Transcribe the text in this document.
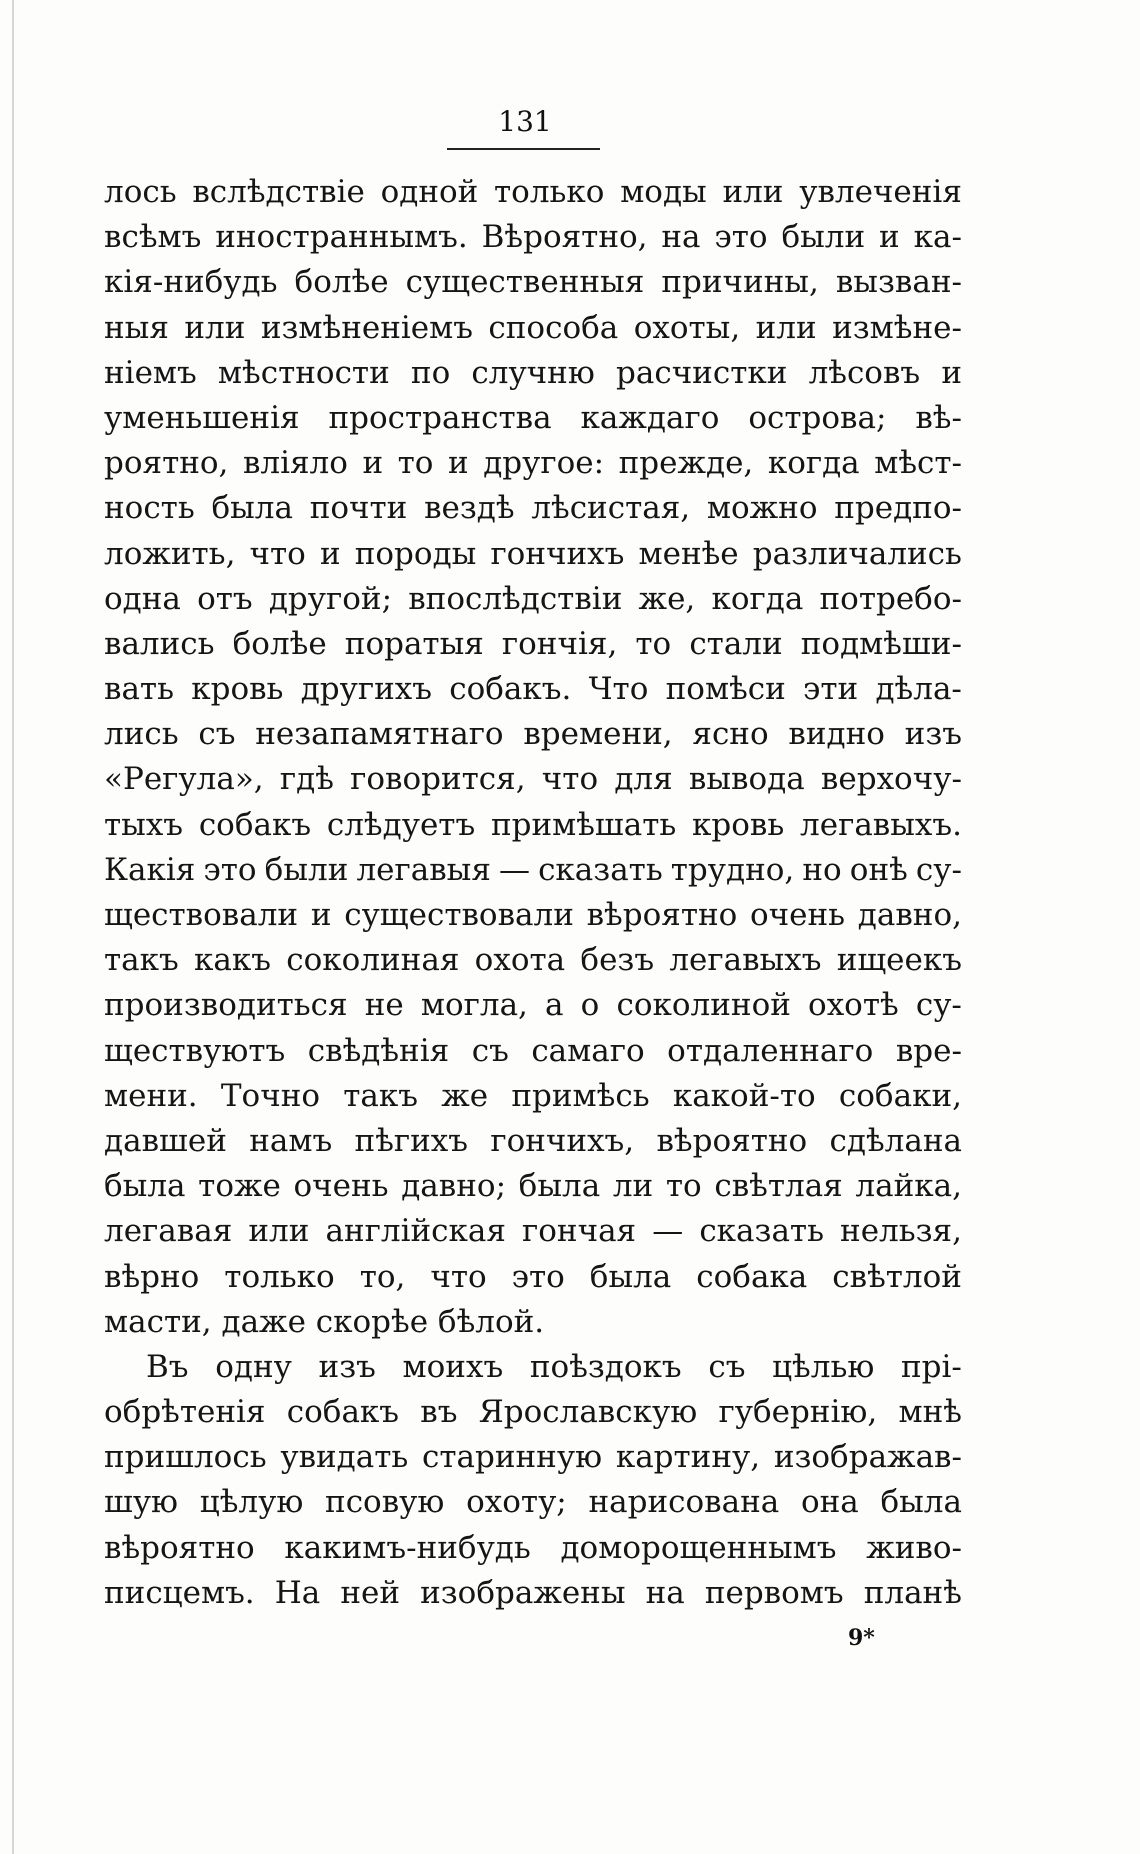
131
лось вслѣдствіе одной только моды или увлеченія
всѣмъ иностраннымъ. Вѣроятно, на это были и ка-
кія-нибудь болѣе существенныя причины, вызван-
ныя или измѣненіемъ способа охоты, или измѣне-
ніемъ мѣстности по случню расчистки лѣсовъ и
уменьшенія пространства каждаго острова; вѣ-
роятно, вліяло и то и другое: прежде, когда мѣст-
ность была почти вездѣ лѣсистая, можно предпо-
ложить, что и породы гончихъ менѣе различались
одна отъ другой; впослѣдствіи же, когда потребо-
вались болѣе поратыя гончія, то стали подмѣши-
вать кровь другихъ собакъ. Что помѣси эти дѣла-
лись съ незапамятнаго времени, ясно видно изъ
«Регула», гдѣ говорится, что для вывода верхочу-
тыхъ собакъ слѣдуетъ примѣшать кровь легавыхъ.
Какія это были легавыя — сказать трудно, но онѣ су-
ществовали и существовали вѣроятно очень давно,
такъ какъ соколиная охота безъ легавыхъ ищеекъ
производиться не могла, а о соколиной охотѣ су-
ществуютъ свѣдѣнія съ самаго отдаленнаго вре-
мени. Точно такъ же примѣсь какой-то собаки,
давшей намъ пѣгихъ гончихъ, вѣроятно сдѣлана
была тоже очень давно; была ли то свѣтлая лайка,
легавая или англійская гончая — сказать нельзя,
вѣрно только то, что это была собака свѣтлой
масти, даже скорѣе бѣлой.
Въ одну изъ моихъ поѣздокъ съ цѣлью прі-
обрѣтенія собакъ въ Ярославскую губернію, мнѣ
пришлось увидать старинную картину, изображав-
шую цѣлую псовую охоту; нарисована она была
вѣроятно какимъ-нибудь доморощеннымъ живо-
писцемъ. На ней изображены на первомъ планѣ
9*
